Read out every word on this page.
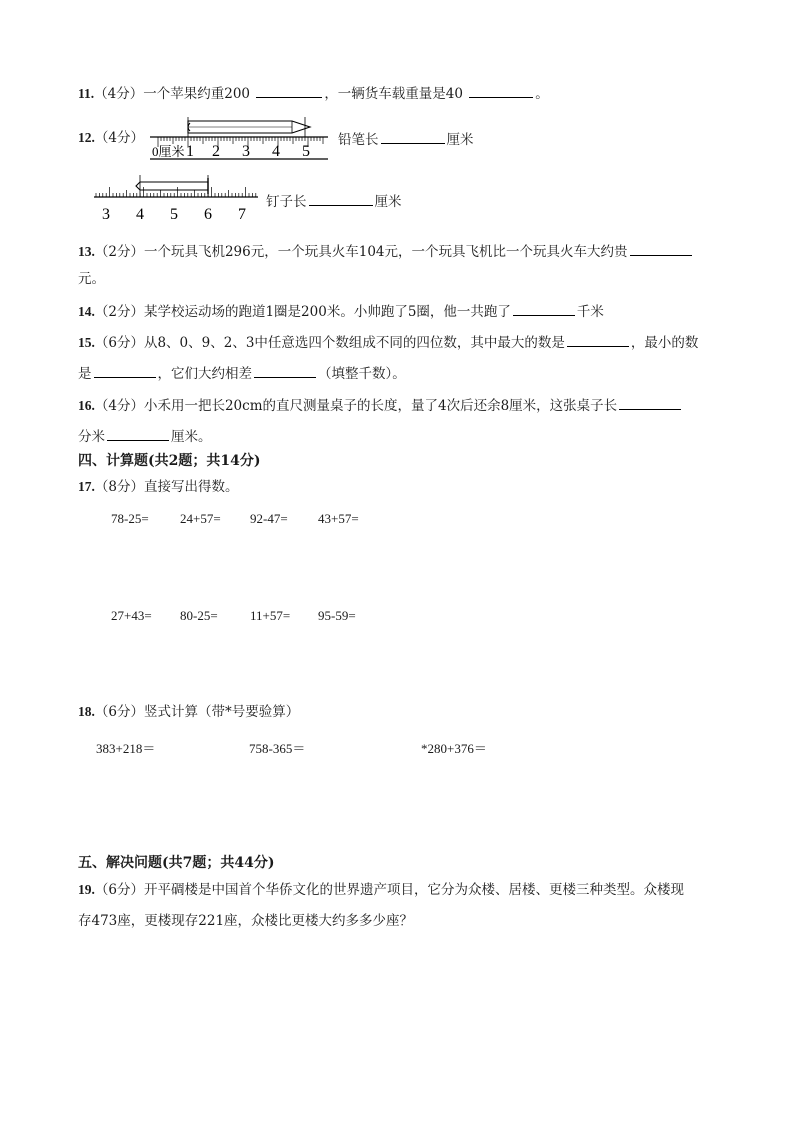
11.（4分）一个苹果约重200	，一辆货车载重量是40	。
12.（4分）
0厘米 1 2 3 4 5
铅笔长	厘米
3 4 5 6 7
钉子长	厘米
13.（2分）一个玩具飞机296元，一个玩具火车104元，一个玩具飞机比一个玩具火车大约贵
元。
14.（2分）某学校运动场的跑道1圈是200米。小帅跑了5圈，他一共跑了	千米
15.（6分）从8、0、9、2、3中任意选四个数组成不同的四位数，其中最大的数是	，最小的数
是	，它们大约相差	（填整千数）。
16.（4分）小禾用一把长20cm的直尺测量桌子的长度，量了4次后还余8厘米，这张桌子长
分米	厘米。
四、计算题(共2题；共14分)
17.（8分）直接写出得数。
78-25= 24+57= 92-47= 43+57=
27+43= 80-25= 11+57= 95-59=
18.（6分）竖式计算（带*号要验算）
383+218＝	758-365＝	*280+376＝
五、解决问题(共7题；共44分)
19.（6分）开平碉楼是中国首个华侨文化的世界遗产项目，它分为众楼、居楼、更楼三种类型。众楼现
存473座，更楼现存221座，众楼比更楼大约多多少座？
